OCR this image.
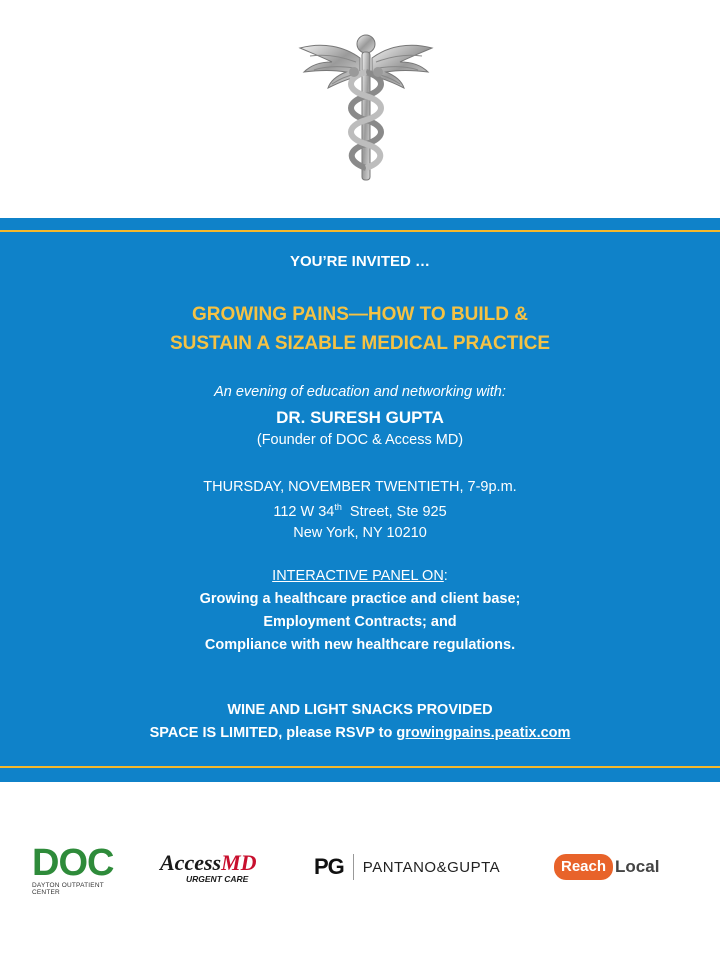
YOU’RE INVITED …
GROWING PAINS—HOW TO BUILD &
SUSTAIN A SIZABLE MEDICAL PRACTICE
An evening of education and networking with:
DR. SURESH GUPTA
(Founder of DOC & Access MD)
THURSDAY, NOVEMBER TWENTIETH, 7-9p.m.
112 W 34th  Street, Ste 925
New York, NY 10210
INTERACTIVE PANEL ON:
Growing a healthcare practice and client base;
Employment Contracts; and
Compliance with new healthcare regulations.
WINE AND LIGHT SNACKS PROVIDED
SPACE IS LIMITED, please RSVP to growingpains.peatix.com
DOC
DAYTON OUTPATIENT CENTER
AccessMD
URGENT CARE	PG PANTANO&GUPTA	Reach Local
